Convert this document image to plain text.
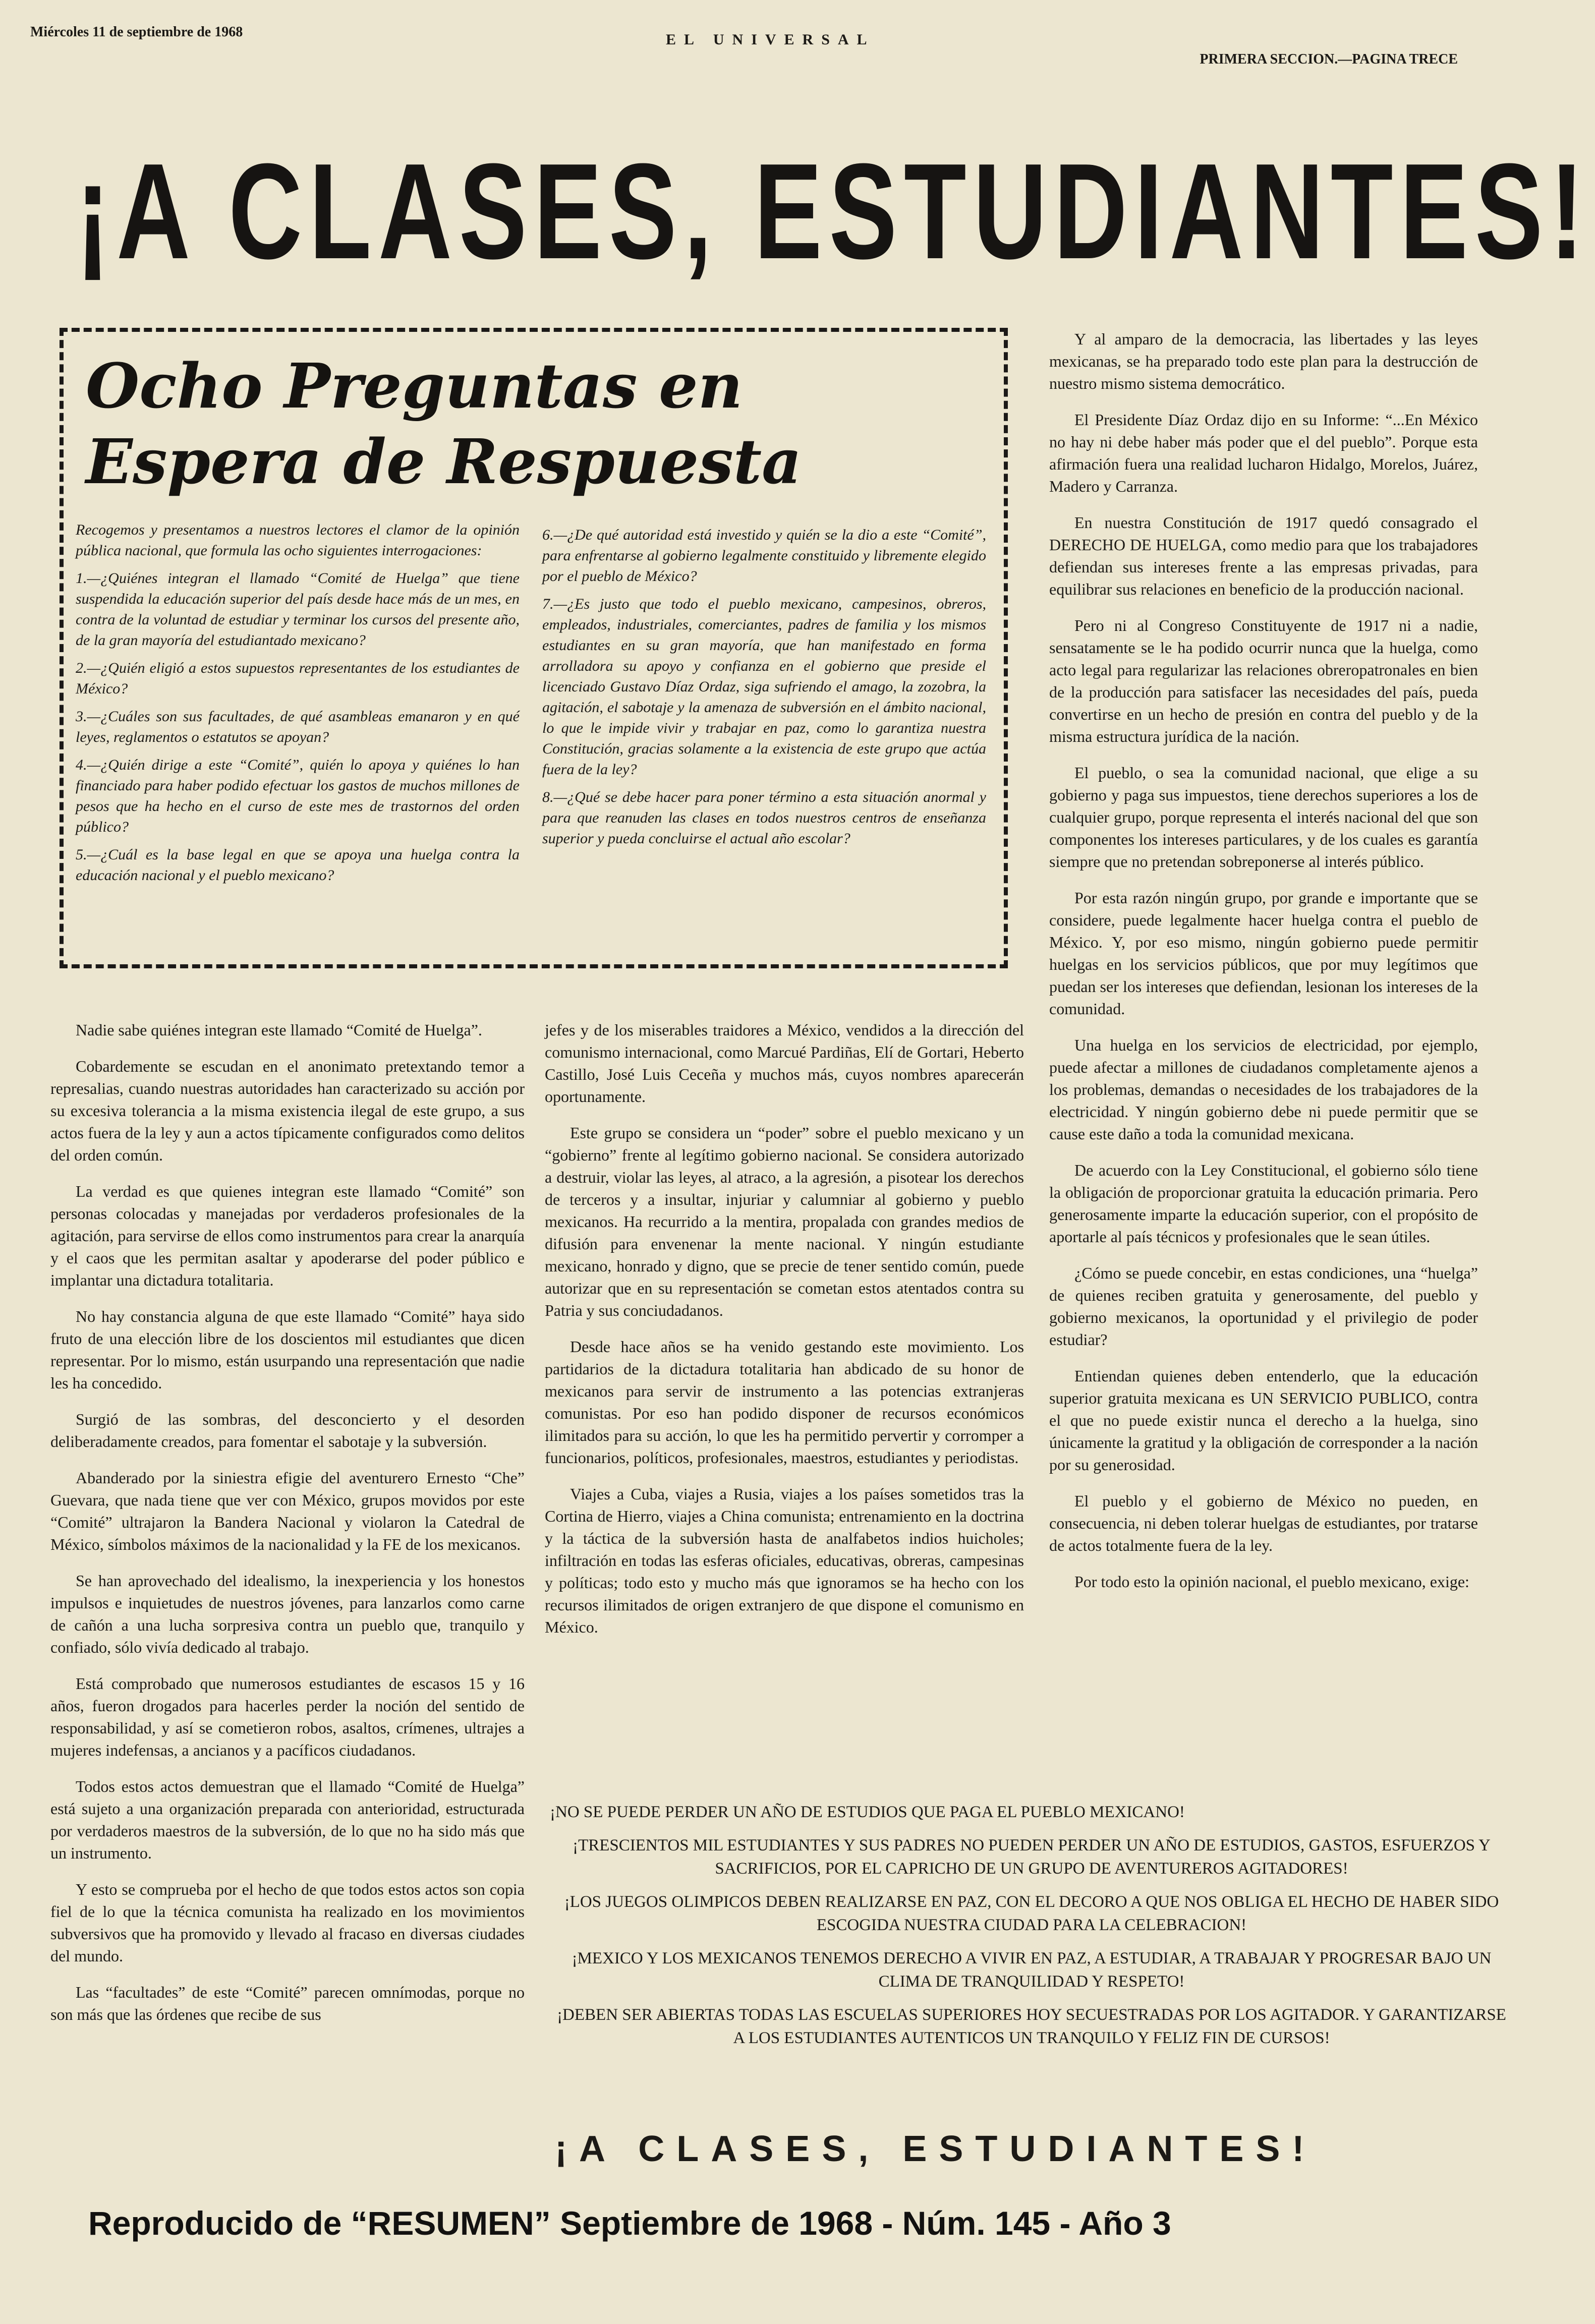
Miércoles 11 de septiembre de 1968	EL UNIVERSAL
PRIMERA SECCION.—PAGINA TRECE
¡A CLASES, ESTUDIANTES!
Ocho Preguntas en
Espera de Respuesta

Recogemos y presentamos a nuestros lectores el clamor de la opinión pública nacional, que formula las ocho siguientes interrogaciones:

1.—¿Quiénes integran el llamado “Comité de Huelga” que tiene suspendida la educación superior del país desde hace más de un mes, en contra de la voluntad de estudiar y terminar los cursos del presente año, de la gran mayoría del estudiantado mexicano?

2.—¿Quién eligió a estos supuestos representantes de los estudiantes de México?

3.—¿Cuáles son sus facultades, de qué asambleas emanaron y en qué leyes, reglamentos o estatutos se apoyan?

4.—¿Quién dirige a este “Comité”, quién lo apoya y quiénes lo han financiado para haber podido efectuar los gastos de muchos millones de pesos que ha hecho en el curso de este mes de trastornos del orden público?

5.—¿Cuál es la base legal en que se apoya una huelga contra la educación nacional y el pueblo mexicano?

6.—¿De qué autoridad está investido y quién se la dio a este “Comité”, para enfrentarse al gobierno legalmente constituido y libremente elegido por el pueblo de México?

7.—¿Es justo que todo el pueblo mexicano, campesinos, obreros, empleados, industriales, comerciantes, padres de familia y los mismos estudiantes en su gran mayoría, que han manifestado en forma arrolladora su apoyo y confianza en el gobierno que preside el licenciado Gustavo Díaz Ordaz, siga sufriendo el amago, la zozobra, la agitación, el sabotaje y la amenaza de subversión en el ámbito nacional, lo que le impide vivir y trabajar en paz, como lo garantiza nuestra Constitución, gracias solamente a la existencia de este grupo que actúa fuera de la ley?

8.—¿Qué se debe hacer para poner término a esta situación anormal y para que reanuden las clases en todos nuestros centros de enseñanza superior y pueda concluirse el actual año escolar?

Y al amparo de la democracia, las libertades y las leyes mexicanas, se ha preparado todo este plan para la destrucción de nuestro mismo sistema democrático.

El Presidente Díaz Ordaz dijo en su Informe: “...En México no hay ni debe haber más poder que el del pueblo”. Porque esta afirmación fuera una realidad lucharon Hidalgo, Morelos, Juárez, Madero y Carranza.

En nuestra Constitución de 1917 quedó consagrado el DERECHO DE HUELGA, como medio para que los trabajadores defiendan sus intereses frente a las empresas privadas, para equilibrar sus relaciones en beneficio de la producción nacional.

Pero ni al Congreso Constituyente de 1917 ni a nadie, sensatamente se le ha podido ocurrir nunca que la huelga, como acto legal para regularizar las relaciones obreropatronales en bien de la producción para satisfacer las necesidades del país, pueda convertirse en un hecho de presión en contra del pueblo y de la misma estructura jurídica de la nación.

El pueblo, o sea la comunidad nacional, que elige a su gobierno y paga sus impuestos, tiene derechos superiores a los de cualquier grupo, porque representa el interés nacional del que son componentes los intereses particulares, y de los cuales es garantía siempre que no pretendan sobreponerse al interés público.

Por esta razón ningún grupo, por grande e importante que se considere, puede legalmente hacer huelga contra el pueblo de México. Y, por eso mismo, ningún gobierno puede permitir huelgas en los servicios públicos, que por muy legítimos que puedan ser los intereses que defiendan, lesionan los intereses de la comunidad.

Una huelga en los servicios de electricidad, por ejemplo, puede afectar a millones de ciudadanos completamente ajenos a los problemas, demandas o necesidades de los trabajadores de la electricidad. Y ningún gobierno debe ni puede permitir que se cause este daño a toda la comunidad mexicana.

De acuerdo con la Ley Constitucional, el gobierno sólo tiene la obligación de proporcionar gratuita la educación primaria. Pero generosamente imparte la educación superior, con el propósito de aportarle al país técnicos y profesionales que le sean útiles.

¿Cómo se puede concebir, en estas condiciones, una “huelga” de quienes reciben gratuita y generosamente, del pueblo y gobierno mexicanos, la oportunidad y el privilegio de poder estudiar?

Entiendan quienes deben entenderlo, que la educación superior gratuita mexicana es UN SERVICIO PUBLICO, contra el que no puede existir nunca el derecho a la huelga, sino únicamente la gratitud y la obligación de corresponder a la nación por su generosidad.

El pueblo y el gobierno de México no pueden, en consecuencia, ni deben tolerar huelgas de estudiantes, por tratarse de actos totalmente fuera de la ley.

Por todo esto la opinión nacional, el pueblo mexicano, exige:

Nadie sabe quiénes integran este llamado “Comité de Huelga”.

Cobardemente se escudan en el anonimato pretextando temor a represalias, cuando nuestras autoridades han caracterizado su acción por su excesiva tolerancia a la misma existencia ilegal de este grupo, a sus actos fuera de la ley y aun a actos típicamente configurados como delitos del orden común.

La verdad es que quienes integran este llamado “Comité” son personas colocadas y manejadas por verdaderos profesionales de la agitación, para servirse de ellos como instrumentos para crear la anarquía y el caos que les permitan asaltar y apoderarse del poder público e implantar una dictadura totalitaria.

No hay constancia alguna de que este llamado “Comité” haya sido fruto de una elección libre de los doscientos mil estudiantes que dicen representar. Por lo mismo, están usurpando una representación que nadie les ha concedido.

Surgió de las sombras, del desconcierto y el desorden deliberadamente creados, para fomentar el sabotaje y la subversión.

Abanderado por la siniestra efigie del aventurero Ernesto “Che” Guevara, que nada tiene que ver con México, grupos movidos por este “Comité” ultrajaron la Bandera Nacional y violaron la Catedral de México, símbolos máximos de la nacionalidad y la FE de los mexicanos.

Se han aprovechado del idealismo, la inexperiencia y los honestos impulsos e inquietudes de nuestros jóvenes, para lanzarlos como carne de cañón a una lucha sorpresiva contra un pueblo que, tranquilo y confiado, sólo vivía dedicado al trabajo.

Está comprobado que numerosos estudiantes de escasos 15 y 16 años, fueron drogados para hacerles perder la noción del sentido de responsabilidad, y así se cometieron robos, asaltos, crímenes, ultrajes a mujeres indefensas, a ancianos y a pacíficos ciudadanos.

Todos estos actos demuestran que el llamado “Comité de Huelga” está sujeto a una organización preparada con anterioridad, estructurada por verdaderos maestros de la subversión, de lo que no ha sido más que un instrumento.

Y esto se comprueba por el hecho de que todos estos actos son copia fiel de lo que la técnica comunista ha realizado en los movimientos subversivos que ha promovido y llevado al fracaso en diversas ciudades del mundo.

Las “facultades” de este “Comité” parecen omnímodas, porque no son más que las órdenes que recibe de sus

jefes y de los miserables traidores a México, vendidos a la dirección del comunismo internacional, como Marcué Pardiñas, Elí de Gortari, Heberto Castillo, José Luis Ceceña y muchos más, cuyos nombres aparecerán oportunamente.

Este grupo se considera un “poder” sobre el pueblo mexicano y un “gobierno” frente al legítimo gobierno nacional. Se considera autorizado a destruir, violar las leyes, al atraco, a la agresión, a pisotear los derechos de terceros y a insultar, injuriar y calumniar al gobierno y pueblo mexicanos. Ha recurrido a la mentira, propalada con grandes medios de difusión para envenenar la mente nacional. Y ningún estudiante mexicano, honrado y digno, que se precie de tener sentido común, puede autorizar que en su representación se cometan estos atentados contra su Patria y sus conciudadanos.

Desde hace años se ha venido gestando este movimiento. Los partidarios de la dictadura totalitaria han abdicado de su honor de mexicanos para servir de instrumento a las potencias extranjeras comunistas. Por eso han podido disponer de recursos económicos ilimitados para su acción, lo que les ha permitido pervertir y corromper a funcionarios, políticos, profesionales, maestros, estudiantes y periodistas.

Viajes a Cuba, viajes a Rusia, viajes a los países sometidos tras la Cortina de Hierro, viajes a China comunista; entrenamiento en la doctrina y la táctica de la subversión hasta de analfabetos indios huicholes; infiltración en todas las esferas oficiales, educativas, obreras, campesinas y políticas; todo esto y mucho más que ignoramos se ha hecho con los recursos ilimitados de origen extranjero de que dispone el comunismo en México.

¡NO SE PUEDE PERDER UN AÑO DE ESTUDIOS QUE PAGA EL PUEBLO MEXICANO!

¡TRESCIENTOS MIL ESTUDIANTES Y SUS PADRES NO PUEDEN PERDER UN AÑO DE ESTUDIOS, GASTOS, ESFUERZOS Y SACRIFICIOS, POR EL CAPRICHO DE UN GRUPO DE AVENTUREROS AGITADORES!

¡LOS JUEGOS OLIMPICOS DEBEN REALIZARSE EN PAZ, CON EL DECORO A QUE NOS OBLIGA EL HECHO DE HABER SIDO ESCOGIDA NUESTRA CIUDAD PARA LA CELEBRACION!

¡MEXICO Y LOS MEXICANOS TENEMOS DERECHO A VIVIR EN PAZ, A ESTUDIAR, A TRABAJAR Y PROGRESAR BAJO UN CLIMA DE TRANQUILIDAD Y RESPETO!

¡DEBEN SER ABIERTAS TODAS LAS ESCUELAS SUPERIORES HOY SECUESTRADAS POR LOS AGITADOR. Y GARANTIZARSE A LOS ESTUDIANTES AUTENTICOS UN TRANQUILO Y FELIZ FIN DE CURSOS!

¡A CLASES, ESTUDIANTES!
Reproducido de “RESUMEN” Septiembre de 1968 - Núm. 145 - Año 3
